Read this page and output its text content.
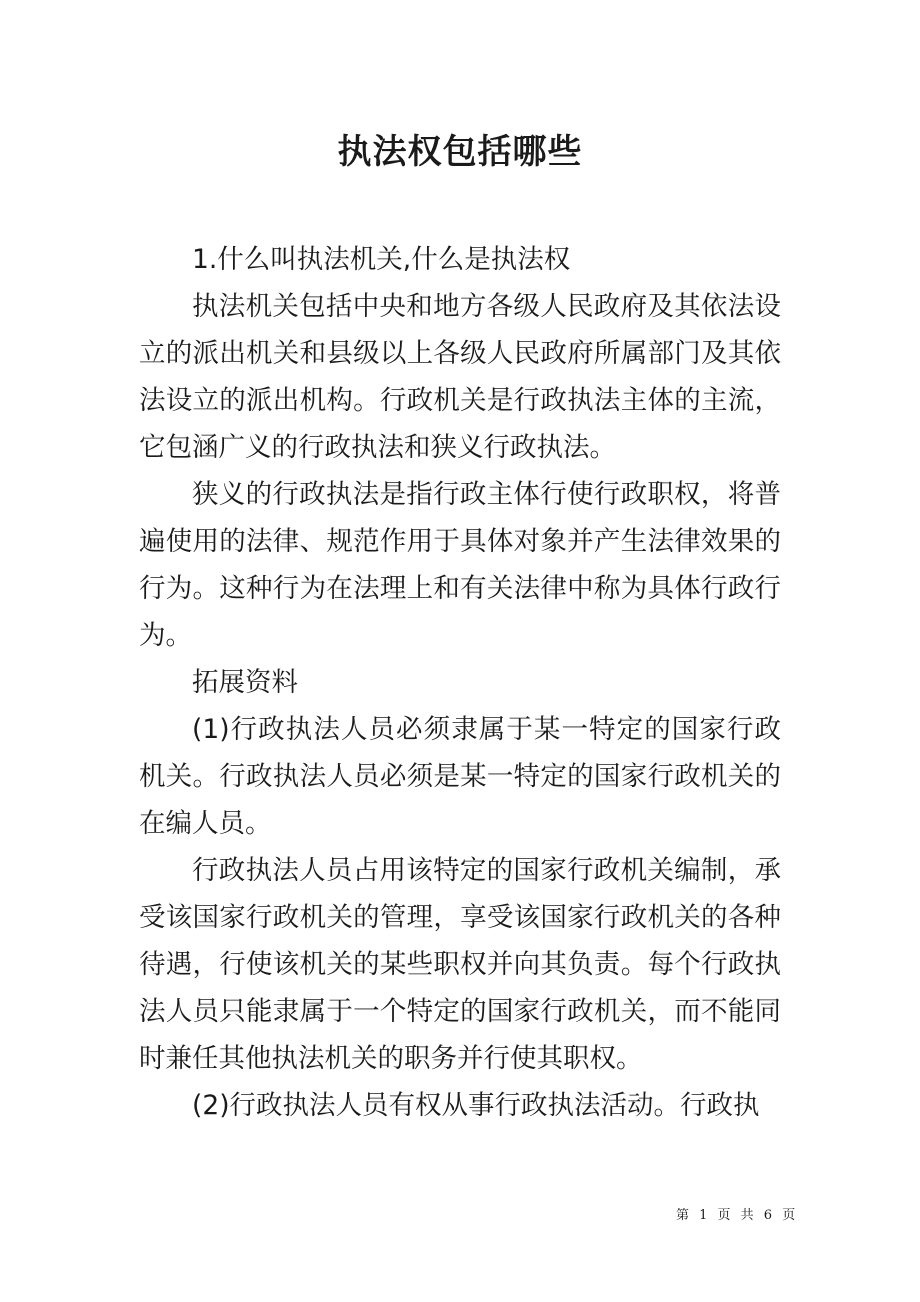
执法权包括哪些

1.什么叫执法机关,什么是执法权

执法机关包括中央和地方各级人民政府及其依法设立的派出机关和县级以上各级人民政府所属部门及其依法设立的派出机构。行政机关是行政执法主体的主流，它包涵广义的行政执法和狭义行政执法。

狭义的行政执法是指行政主体行使行政职权，将普遍使用的法律、规范作用于具体对象并产生法律效果的行为。这种行为在法理上和有关法律中称为具体行政行为。

拓展资料

(1)行政执法人员必须隶属于某一特定的国家行政机关。行政执法人员必须是某一特定的国家行政机关的在编人员。

行政执法人员占用该特定的国家行政机关编制，承受该国家行政机关的管理，享受该国家行政机关的各种待遇，行使该机关的某些职权并向其负责。每个行政执法人员只能隶属于一个特定的国家行政机关，而不能同时兼任其他执法机关的职务并行使其职权。

(2)行政执法人员有权从事行政执法活动。行政执

第 1 页 共 6 页
